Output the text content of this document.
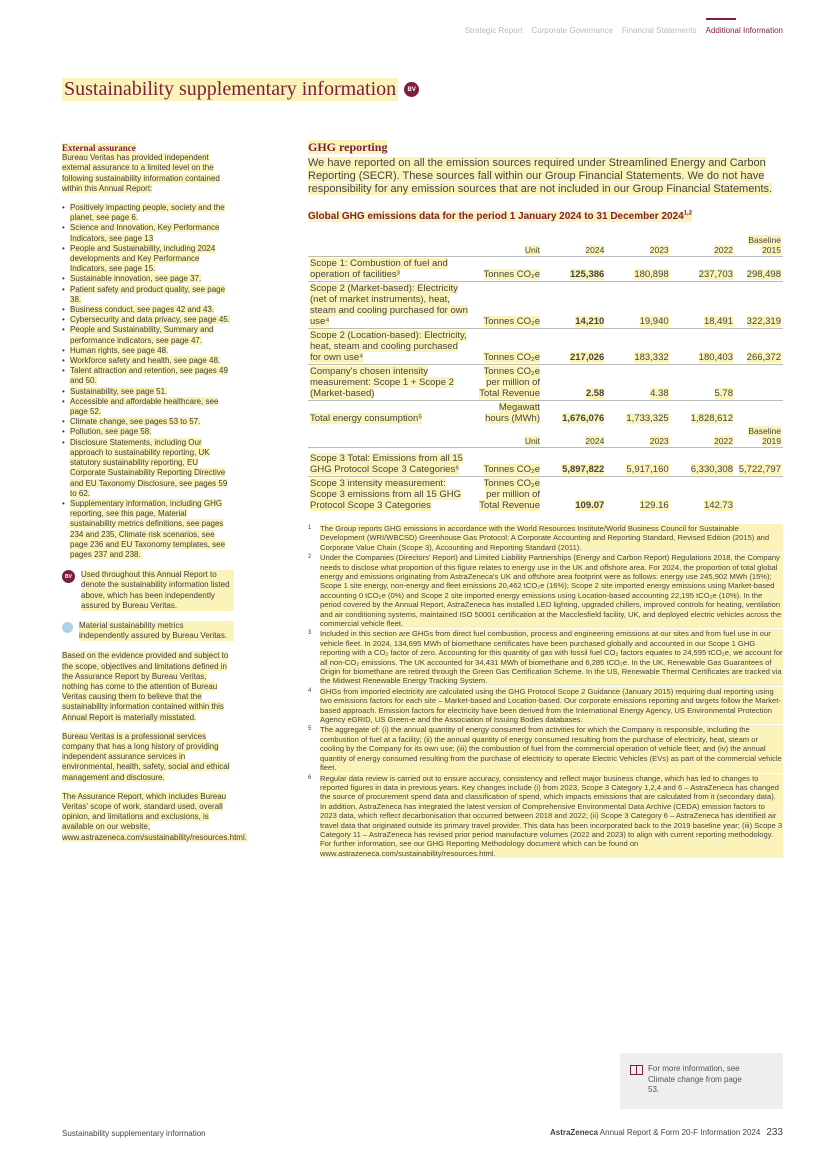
Strategic Report Corporate Governance Financial Statements Additional Information
Sustainability supplementary information	BV
External assurance

Bureau Veritas has provided independent external assurance to a limited level on the following sustainability information contained within this Annual Report:

• Positively impacting people, society and the planet, see page 6.
• Science and Innovation, Key Performance Indicators, see page 13
• People and Sustainability, including 2024 developments and Key Performance Indicators, see page 15.
• Sustainable innovation, see page 37.
• Patient safety and product quality, see page 38.
• Business conduct, see pages 42 and 43.
• Cybersecurity and data privacy, see page 45.
• People and Sustainability, Summary and performance indicators, see page 47.
• Human rights, see page 48.
• Workforce safety and health, see page 48.
• Talent attraction and retention, see pages 49 and 50.
• Sustainability, see page 51.
• Accessible and affordable healthcare, see page 52.
• Climate change, see pages 53 to 57.
• Pollution, see page 58.
• Disclosure Statements, including Our approach to sustainability reporting, UK statutory sustainability reporting, EU Corporate Sustainability Reporting Directive and EU Taxonomy Disclosure, see pages 59 to 62.
• Supplementary information, including GHG reporting, see this page, Material sustainability metrics definitions, see pages 234 and 235, Climate risk scenarios, see page 236 and EU Taxonomy templates, see pages 237 and 238.
BV	Used throughout this Annual Report to denote the sustainability information listed above, which has been independently assured by Bureau Veritas.
Material sustainability metrics independently assured by Bureau Veritas.

Based on the evidence provided and subject to the scope, objectives and limitations defined in the Assurance Report by Bureau Veritas, nothing has come to the attention of Bureau Veritas causing them to believe that the sustainability information contained within this Annual Report is materially misstated.

Bureau Veritas is a professional services company that has a long history of providing independent assurance services in environmental, health, safety, social and ethical management and disclosure.

The Assurance Report, which includes Bureau Veritas' scope of work, standard used, overall opinion, and limitations and exclusions, is available on our website, www.astrazeneca.com/sustainability/resources.html.

GHG reporting

We have reported on all the emission sources required under Streamlined Energy and Carbon Reporting (SECR). These sources fall within our Group Financial Statements. We do not have responsibility for any emission sources that are not included in our Group Financial Statements.

Global GHG emissions data for the period 1 January 2024 to 31 December 2024$^{1,2}$
	Unit	2024	2023	2022	Baseline 2015
Scope 1: Combustion of fuel and operation of facilities³	Tonnes CO₂e	125,386	180,898	237,703	298,498
Scope 2 (Market-based): Electricity (net of market instruments), heat, steam and cooling purchased for own use⁴	Tonnes CO₂e	14,210	19,940	18,491	322,319
Scope 2 (Location-based): Electricity, heat, steam and cooling purchased for own use⁴	Tonnes CO₂e	217,026	183,332	180,403	266,372
Company's chosen intensity measurement: Scope 1 + Scope 2 (Market-based)	Tonnes CO₂e per million of Total Revenue	2.58	4.38	5.78	
Total energy consumption⁵	Megawatt hours (MWh)	1,676,076	1,733,325	1,828,612	
	Unit	2024	2023	2022	Baseline 2019
Scope 3 Total: Emissions from all 15 GHG Protocol Scope 3 Categories⁶	Tonnes CO₂e	5,897,822	5,917,160	6,330,308	5,722,797
Scope 3 intensity measurement: Scope 3 emissions from all 15 GHG Protocol Scope 3 Categories	Tonnes CO₂e per million of Total Revenue	109.07	129.16	142.73	
1	The Group reports GHG emissions in accordance with the World Resources Institute/World Business Council for Sustainable Development (WRI/WBCSD) Greenhouse Gas Protocol: A Corporate Accounting and Reporting Standard, Revised Edition (2015) and Corporate Value Chain (Scope 3), Accounting and Reporting Standard (2011).
2	Under the Companies (Directors' Report) and Limited Liability Partnerships (Energy and Carbon Report) Regulations 2018, the Company needs to disclose what proportion of this figure relates to energy use in the UK and offshore area. For 2024, the proportion of total global energy and emissions originating from AstraZeneca's UK and offshore area footprint were as follows: energy use 245,902 MWh (15%); Scope 1 site energy, non-energy and fleet emissions 20,462 tCO₂e (16%); Scope 2 site imported energy emissions using Market-based accounting 0 tCO₂e (0%) and Scope 2 site imported energy emissions using Location-based accounting 22,195 tCO₂e (10%). In the period covered by the Annual Report, AstraZeneca has installed LED lighting, upgraded chillers, improved controls for heating, ventilation and air conditioning systems, maintained ISO 50001 certification at the Macclesfield facility, UK, and deployed electric vehicles across the commercial vehicle fleet.
3	Included in this section are GHGs from direct fuel combustion, process and engineering emissions at our sites and from fuel use in our vehicle fleet. In 2024, 134,695 MWh of biomethane certificates have been purchased globally and accounted in our Scope 1 GHG reporting with a CO₂ factor of zero. Accounting for this quantity of gas with fossil fuel CO₂ factors equates to 24,595 tCO₂e, we account for all non-CO₂ emissions. The UK accounted for 34,431 MWh of biomethane and 6,285 tCO₂e. In the UK, Renewable Gas Guarantees of Origin for biomethane are retired through the Green Gas Certification Scheme. In the US, Renewable Thermal Certificates are tracked via the Midwest Renewable Energy Tracking System.
4	GHGs from imported electricity are calculated using the GHG Protocol Scope 2 Guidance (January 2015) requiring dual reporting using two emissions factors for each site – Market-based and Location-based. Our corporate emissions reporting and targets follow the Market-based approach. Emission factors for electricity have been derived from the International Energy Agency, US Environmental Protection Agency eGRID, US Green-e and the Association of Issuing Bodies databases.
5	The aggregate of: (i) the annual quantity of energy consumed from activities for which the Company is responsible, including the combustion of fuel at a facility; (ii) the annual quantity of energy consumed resulting from the purchase of electricity, heat, steam or cooling by the Company for its own use; (iii) the combustion of fuel from the commercial operation of vehicle fleet; and (iv) the annual quantity of energy consumed resulting from the purchase of electricity to operate Electric Vehicles (EVs) as part of the commercial vehicle fleet.
6	Regular data review is carried out to ensure accuracy, consistency and reflect major business change, which has led to changes to reported figures in data in previous years. Key changes include (i) from 2023, Scope 3 Category 1,2,4 and 6 – AstraZeneca has changed the source of procurement spend data and classification of spend, which impacts emissions that are calculated from it (secondary data). In addition, AstraZeneca has integrated the latest version of Comprehensive Environmental Data Archive (CEDA) emission factors to 2023 data, which reflect decarbonisation that occurred between 2018 and 2022; (ii) Scope 3 Category 6 – AstraZeneca has identified air travel data that originated outside its primary travel provider. This data has been incorporated back to the 2019 baseline year; (iii) Scope 3 Category 11 – AstraZeneca has revised prior period manufacture volumes (2022 and 2023) to align with current reporting methodology. For further information, see our GHG Reporting Methodology document which can be found on www.astrazeneca.com/sustainability/resources.html.
For more information, see Climate change from page 53.
Sustainability supplementary information	AstraZeneca Annual Report & Form 20-F Information 2024 233
